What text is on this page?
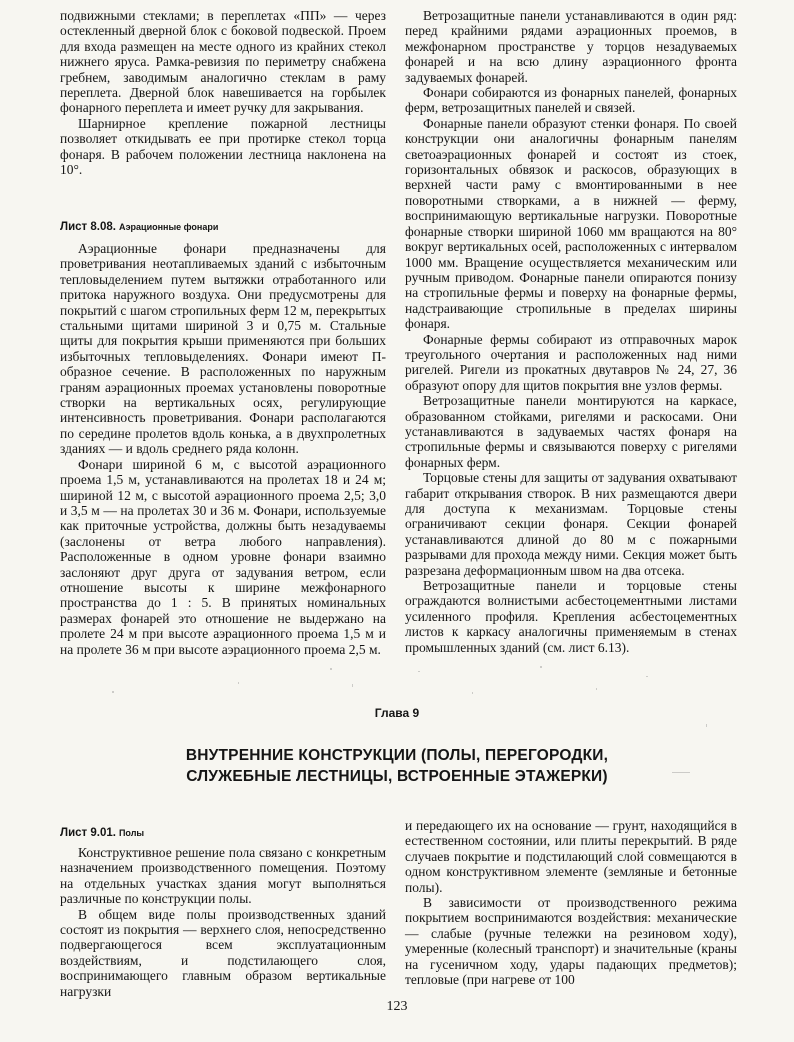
подвижными стеклами; в переплетах «ПП» — через остекленный дверной блок с боковой подвеской. Проем для входа размещен на месте одного из крайних стекол нижнего яруса. Рамка-ревизия по периметру снабжена гребнем, заводимым аналогично стеклам в раму переплета. Дверной блок навешивается на горбылек фонарного переплета и имеет ручку для закрывания.

Шарнирное крепление пожарной лестницы позволяет откидывать ее при протирке стекол торца фонаря. В рабочем положении лестница наклонена на 10°.

Лист 8.08. Аэрационные фонари

Аэрационные фонари предназначены для проветривания неотапливаемых зданий с избыточным тепловыделением путем вытяжки отработанного или притока наружного воздуха. Они предусмотрены для покрытий с шагом стропильных ферм 12 м, перекрытых стальными щитами шириной 3 и 0,75 м. Стальные щиты для покрытия крыши применяются при больших избыточных тепловыделениях. Фонари имеют П-образное сечение. В расположенных по наружным граням аэрационных проемах установлены поворотные створки на вертикальных осях, регулирующие интенсивность проветривания. Фонари располагаются по середине пролетов вдоль конька, а в двухпролетных зданиях — и вдоль среднего ряда колонн.

Фонари шириной 6 м, с высотой аэрационного проема 1,5 м, устанавливаются на пролетах 18 и 24 м; шириной 12 м, с высотой аэрационного проема 2,5; 3,0 и 3,5 м — на пролетах 30 и 36 м. Фонари, используемые как приточные устройства, должны быть незадуваемы (заслонены от ветра любого направления). Расположенные в одном уровне фонари взаимно заслоняют друг друга от задувания ветром, если отношение высоты к ширине межфонарного пространства до 1 : 5. В принятых номинальных размерах фонарей это отношение не выдержано на пролете 24 м при высоте аэрационного проема 1,5 м и на пролете 36 м при высоте аэрационного проема 2,5 м.

Ветрозащитные панели устанавливаются в один ряд: перед крайними рядами аэрационных проемов, в межфонарном пространстве у торцов незадуваемых фонарей и на всю длину аэрационного фронта задуваемых фонарей.

Фонари собираются из фонарных панелей, фонарных ферм, ветрозащитных панелей и связей.

Фонарные панели образуют стенки фонаря. По своей конструкции они аналогичны фонарным панелям светоаэрационных фонарей и состоят из стоек, горизонтальных обвязок и раскосов, образующих в верхней части раму с вмонтированными в нее поворотными створками, а в нижней — ферму, воспринимающую вертикальные нагрузки. Поворотные фонарные створки шириной 1060 мм вращаются на 80° вокруг вертикальных осей, расположенных с интервалом 1000 мм. Вращение осуществляется механическим или ручным приводом. Фонарные панели опираются понизу на стропильные фермы и поверху на фонарные фермы, надстраивающие стропильные в пределах ширины фонаря.

Фонарные фермы собирают из отправочных марок треугольного очертания и расположенных над ними ригелей. Ригели из прокатных двутавров № 24, 27, 36 образуют опору для щитов покрытия вне узлов фермы.

Ветрозащитные панели монтируются на каркасе, образованном стойками, ригелями и раскосами. Они устанавливаются в задуваемых частях фонаря на стропильные фермы и связываются поверху с ригелями фонарных ферм.

Торцовые стены для защиты от задувания охватывают габарит открывания створок. В них размещаются двери для доступа к механизмам. Торцовые стены ограничивают секции фонаря. Секции фонарей устанавливаются длиной до 80 м с пожарными разрывами для прохода между ними. Секция может быть разрезана деформационным швом на два отсека.

Ветрозащитные панели и торцовые стены ограждаются волнистыми асбестоцементными листами усиленного профиля. Крепления асбестоцементных листов к каркасу аналогичны применяемым в стенах промышленных зданий (см. лист 6.13).

Глава 9
ВНУТРЕННИЕ КОНСТРУКЦИИ (ПОЛЫ, ПЕРЕГОРОДКИ,
СЛУЖЕБНЫЕ ЛЕСТНИЦЫ, ВСТРОЕННЫЕ ЭТАЖЕРКИ)
Лист 9.01. Полы

Конструктивное решение пола связано с конкретным назначением производственного помещения. Поэтому на отдельных участках здания могут выполняться различные по конструкции полы.

В общем виде полы производственных зданий состоят из покрытия — верхнего слоя, непосредственно подвергающегося всем эксплуатационным воздействиям, и подстилающего слоя, воспринимающего главным образом вертикальные нагрузки

и передающего их на основание — грунт, находящийся в естественном состоянии, или плиты перекрытий. В ряде случаев покрытие и подстилающий слой совмещаются в одном конструктивном элементе (земляные и бетонные полы).

В зависимости от производственного режима покрытием воспринимаются воздействия: механические — слабые (ручные тележки на резиновом ходу), умеренные (колесный транспорт) и значительные (краны на гусеничном ходу, удары падающих предметов); тепловые (при нагреве от 100

123
